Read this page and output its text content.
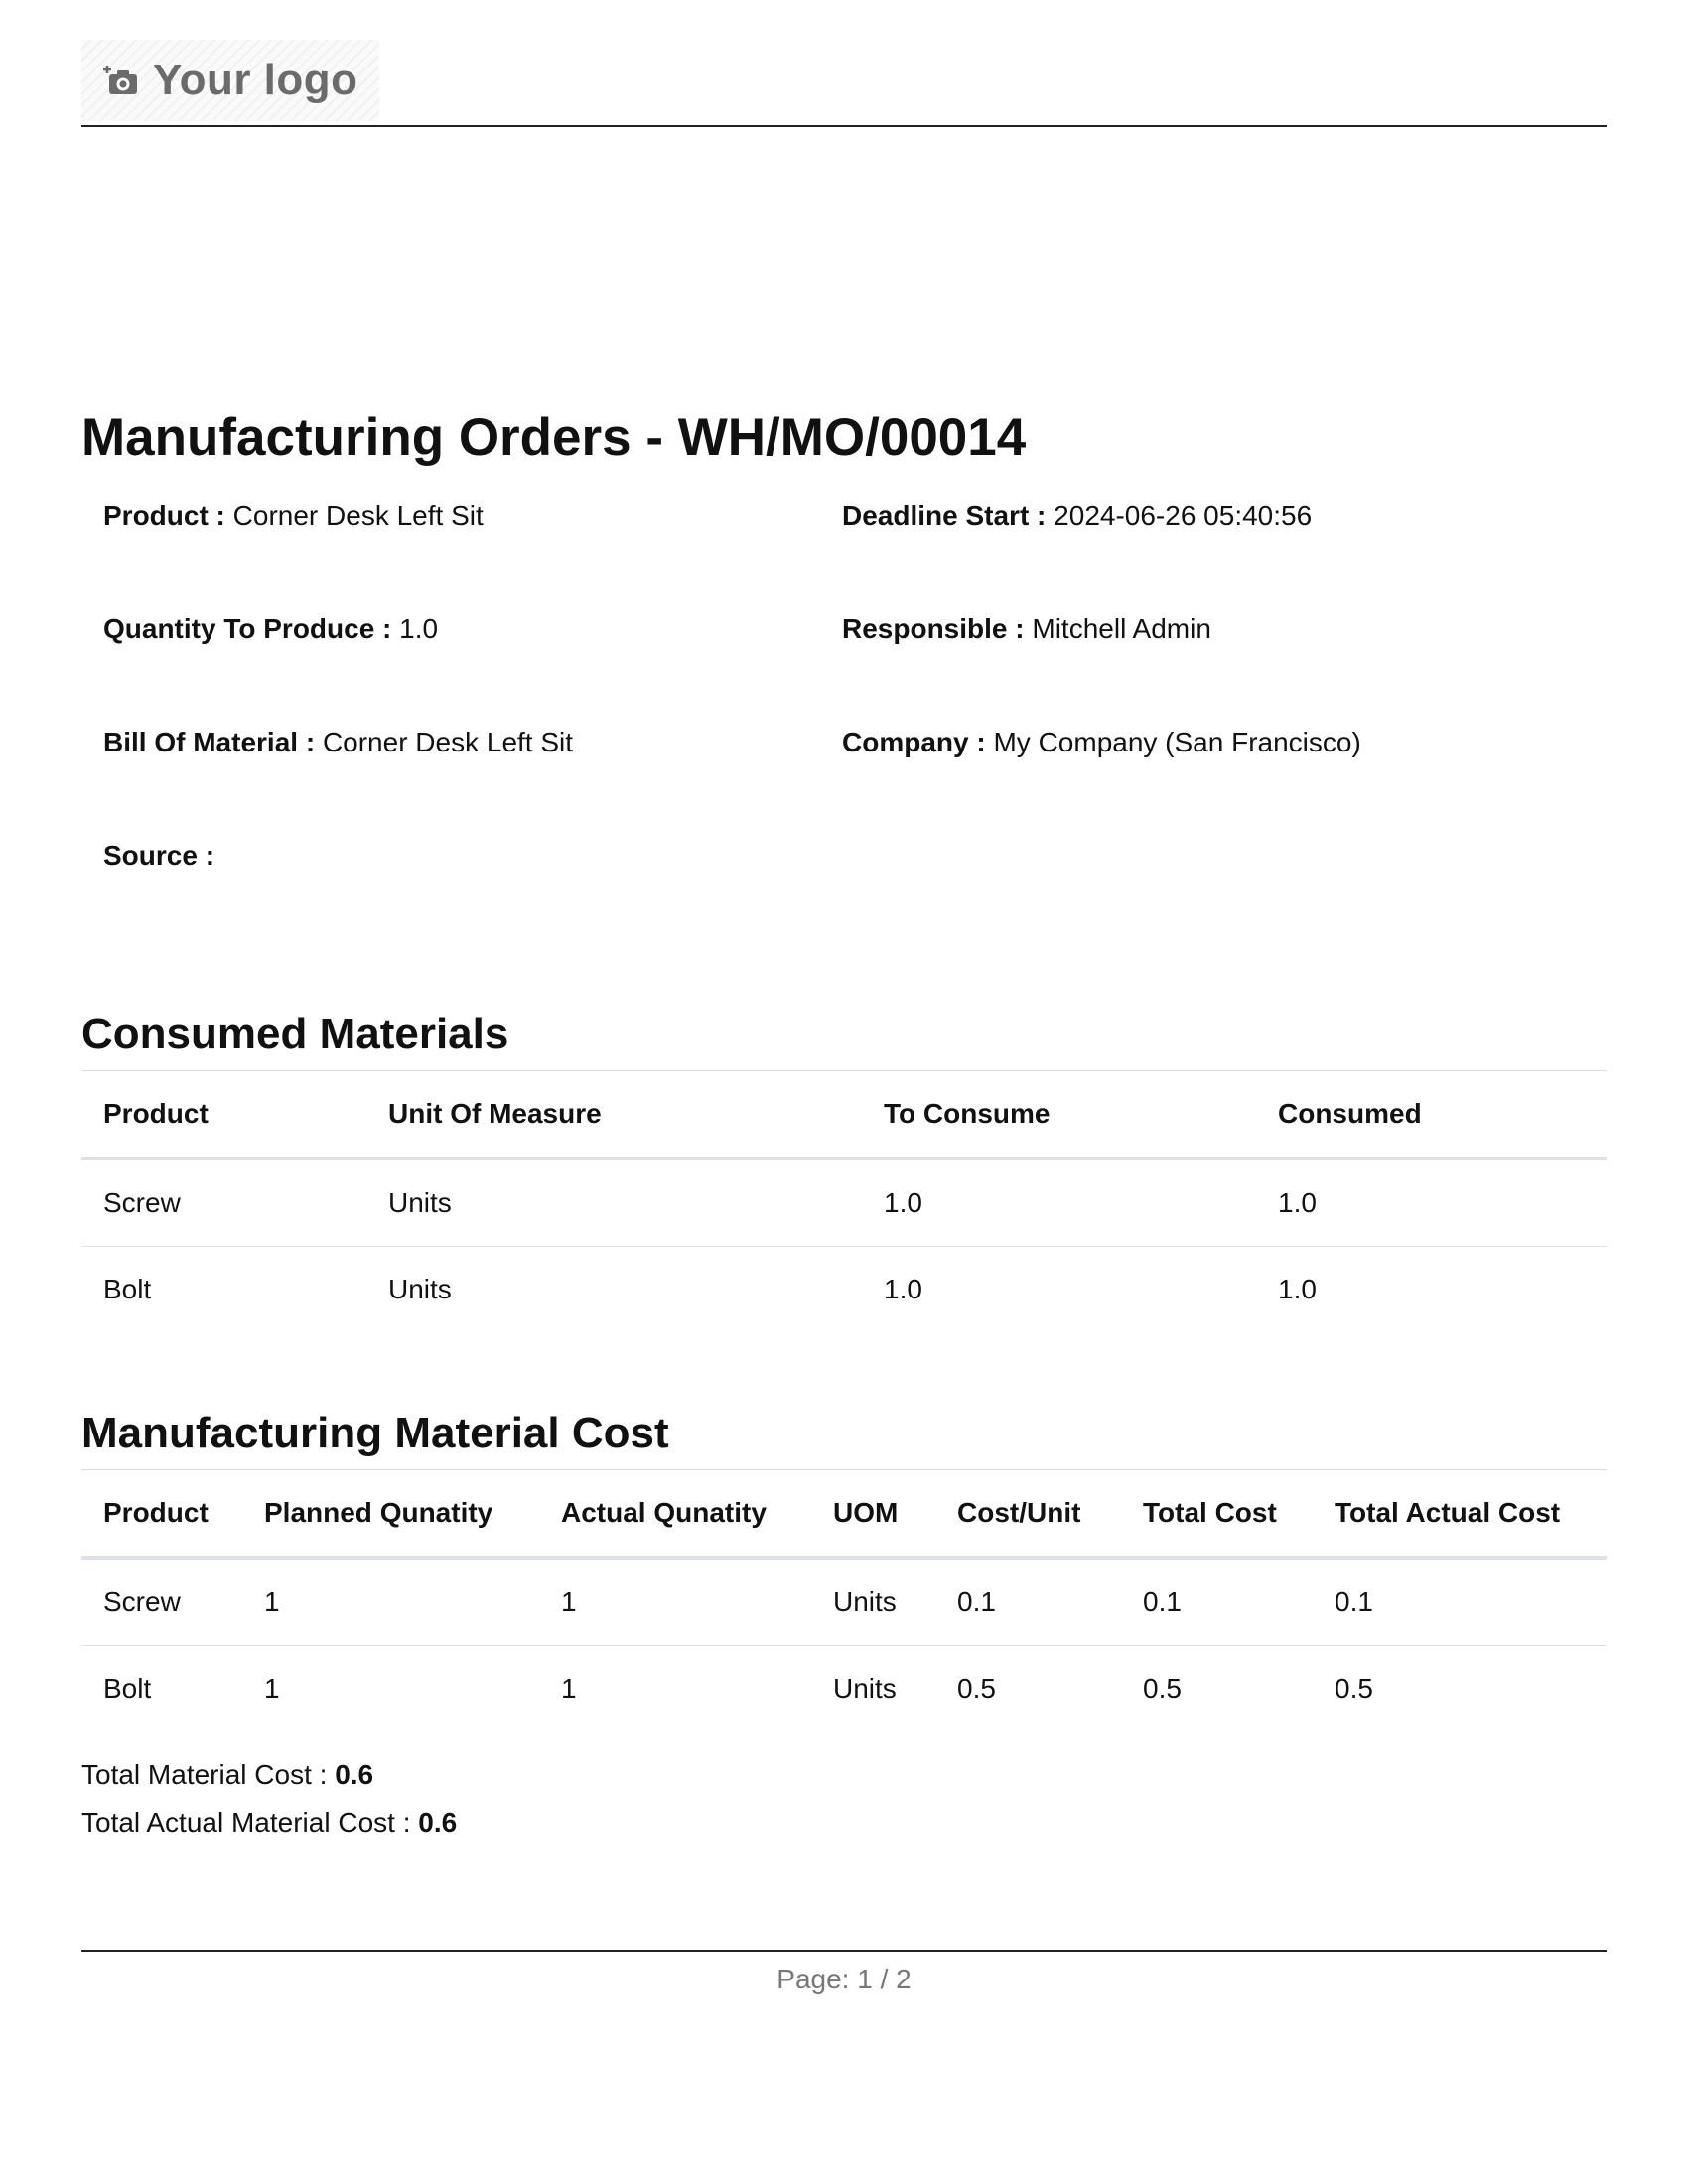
Your logo
Manufacturing Orders - WH/MO/00014
Product : Corner Desk Left Sit	Deadline Start : 2024-06-26 05:40:56
Quantity To Produce : 1.0	Responsible : Mitchell Admin
Bill Of Material : Corner Desk Left Sit	Company : My Company (San Francisco)
Source :
Consumed Materials
Product	Unit Of Measure	To Consume	Consumed
Screw	Units	1.0	1.0
Bolt	Units	1.0	1.0
Manufacturing Material Cost
Product	Planned Qunatity	Actual Qunatity	UOM	Cost/Unit	Total Cost	Total Actual Cost
Screw	1	1	Units	0.1	0.1	0.1
Bolt	1	1	Units	0.5	0.5	0.5
Total Material Cost : 0.6
Total Actual Material Cost : 0.6
Page: 1 / 2
